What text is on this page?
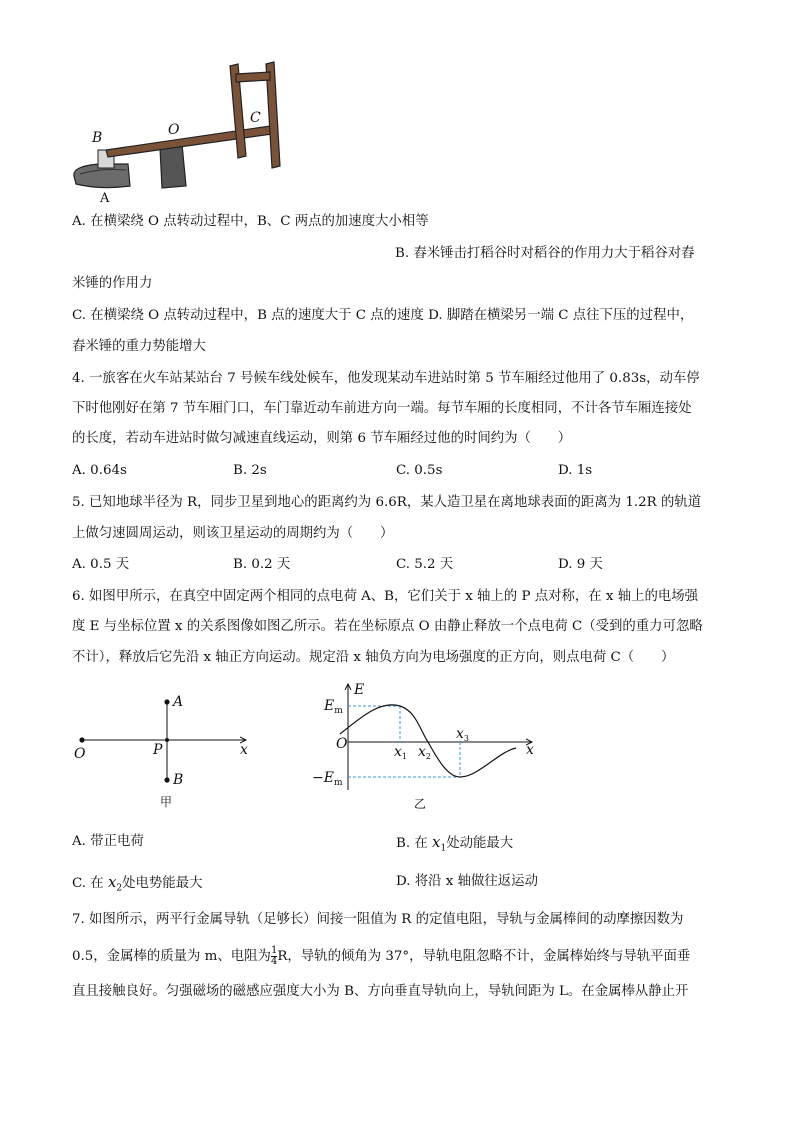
B	O
C
A
A. 在横梁绕 O 点转动过程中，B、C 两点的加速度大小相等
B. 舂米锤击打稻谷时对稻谷的作用力大于稻谷对舂
米锤的作用力
C. 在横梁绕 O 点转动过程中，B 点的速度大于 C 点的速度 D. 脚踏在横梁另一端 C 点往下压的过程中，
舂米锤的重力势能增大
4. 一旅客在火车站某站台 7 号候车线处候车，他发现某动车进站时第 5 节车厢经过他用了 0.83s，动车停
下时他刚好在第 7 节车厢门口，车门靠近动车前进方向一端。每节车厢的长度相同，不计各节车厢连接处
的长度，若动车进站时做匀减速直线运动，则第 6 节车厢经过他的时间约为（　　）
A. 0.64s	B. 2s	C. 0.5s	D. 1s
5. 已知地球半径为 R，同步卫星到地心的距离约为 6.6R，某人造卫星在离地球表面的距离为 1.2R 的轨道
上做匀速圆周运动，则该卫星运动的周期约为（　　）
A. 0.5 天	B. 0.2 天	C. 5.2 天	D. 9 天
6. 如图甲所示，在真空中固定两个相同的点电荷 A、B，它们关于 x 轴上的 P 点对称，在 x 轴上的电场强
度 E 与坐标位置 x 的关系图像如图乙所示。若在坐标原点 O 由静止释放一个点电荷 C（受到的重力可忽略
不计），释放后它先沿 x 轴正方向运动。规定沿 x 轴负方向为电场强度的正方向，则点电荷 C（　　）
A
B
O	P	x
甲
E
$E_m$
O
$-E_m$
$x_1$ $x_2$
$x_3$
x
乙
A. 带正电荷	B. 在 $x_1$处动能最大
C. 在 $x_2$处电势能最大	D. 将沿 x 轴做往返运动
7. 如图所示，两平行金属导轨（足够长）间接一阻值为 R 的定值电阻，导轨与金属棒间的动摩擦因数为
0.5，金属棒的质量为 m、电阻为 $\frac{1}{4}$ R，导轨的倾角为 37°，导轨电阻忽略不计，金属棒始终与导轨平面垂
直且接触良好。匀强磁场的磁感应强度大小为 B、方向垂直导轨向上，导轨间距为 L。在金属棒从静止开
